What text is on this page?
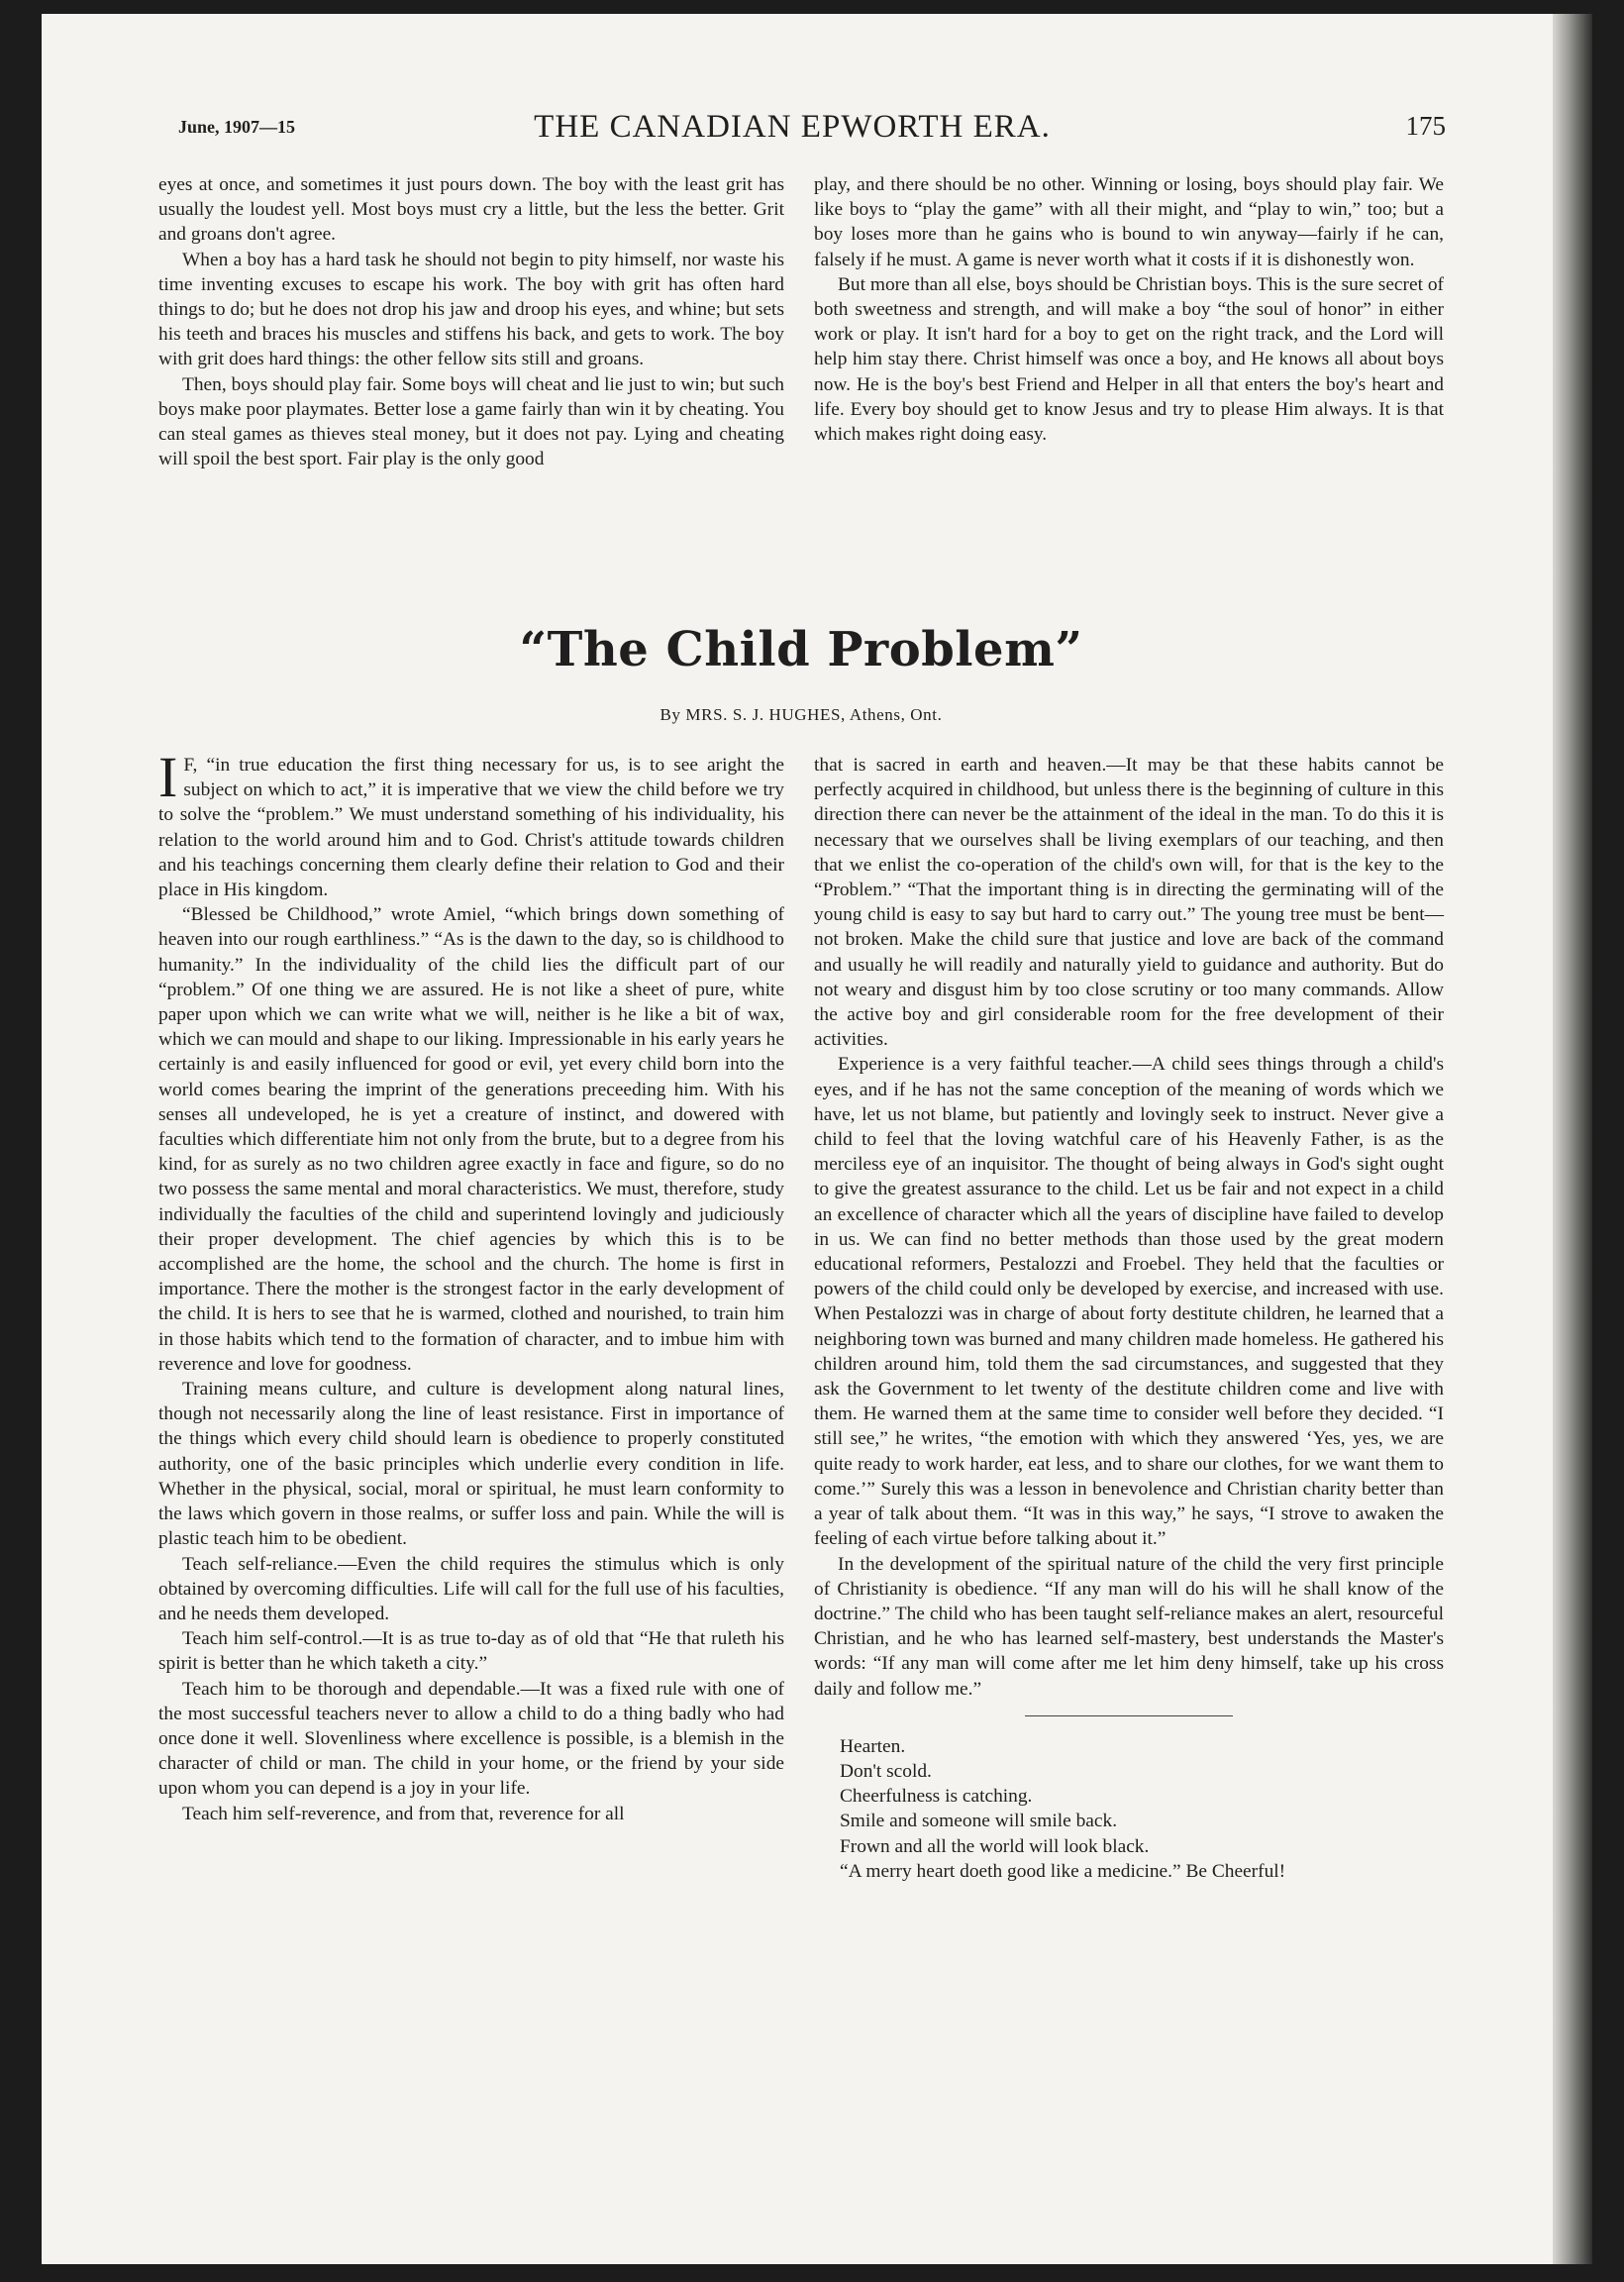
June, 1907—15	THE CANADIAN EPWORTH ERA.	175

eyes at once, and sometimes it just pours down. The boy with the least grit has usually the loudest yell. Most boys must cry a little, but the less the better. Grit and groans don't agree.

When a boy has a hard task he should not begin to pity himself, nor waste his time inventing excuses to escape his work. The boy with grit has often hard things to do; but he does not drop his jaw and droop his eyes, and whine; but sets his teeth and braces his muscles and stiffens his back, and gets to work. The boy with grit does hard things: the other fellow sits still and groans.

Then, boys should play fair. Some boys will cheat and lie just to win; but such boys make poor playmates. Better lose a game fairly than win it by cheating. You can steal games as thieves steal money, but it does not pay. Lying and cheating will spoil the best sport. Fair play is the only good

play, and there should be no other. Winning or losing, boys should play fair. We like boys to “play the game” with all their might, and “play to win,” too; but a boy loses more than he gains who is bound to win anyway—fairly if he can, falsely if he must. A game is never worth what it costs if it is dishonestly won.

But more than all else, boys should be Christian boys. This is the sure secret of both sweetness and strength, and will make a boy “the soul of honor” in either work or play. It isn't hard for a boy to get on the right track, and the Lord will help him stay there. Christ himself was once a boy, and He knows all about boys now. He is the boy's best Friend and Helper in all that enters the boy's heart and life. Every boy should get to know Jesus and try to please Him always. It is that which makes right doing easy.

“The Child Problem”
By MRS. S. J. HUGHES, Athens, Ont.

I F, “in true education the first thing necessary for us, is to see aright the subject on which to act,” it is imperative that we view the child before we try to solve the “problem.” We must understand something of his individuality, his relation to the world around him and to God. Christ's attitude towards children and his teachings concerning them clearly define their relation to God and their place in His kingdom.

“Blessed be Childhood,” wrote Amiel, “which brings down something of heaven into our rough earthliness.” “As is the dawn to the day, so is childhood to humanity.” In the individuality of the child lies the difficult part of our “problem.” Of one thing we are assured. He is not like a sheet of pure, white paper upon which we can write what we will, neither is he like a bit of wax, which we can mould and shape to our liking. Impressionable in his early years he certainly is and easily influenced for good or evil, yet every child born into the world comes bearing the imprint of the generations preceeding him. With his senses all undeveloped, he is yet a creature of instinct, and dowered with faculties which differentiate him not only from the brute, but to a degree from his kind, for as surely as no two children agree exactly in face and figure, so do no two possess the same mental and moral characteristics. We must, therefore, study individually the faculties of the child and superintend lovingly and judiciously their proper development. The chief agencies by which this is to be accomplished are the home, the school and the church. The home is first in importance. There the mother is the strongest factor in the early development of the child. It is hers to see that he is warmed, clothed and nourished, to train him in those habits which tend to the formation of character, and to imbue him with reverence and love for goodness.

Training means culture, and culture is development along natural lines, though not necessarily along the line of least resistance. First in importance of the things which every child should learn is obedience to properly constituted authority, one of the basic principles which underlie every condition in life. Whether in the physical, social, moral or spiritual, he must learn conformity to the laws which govern in those realms, or suffer loss and pain. While the will is plastic teach him to be obedient.

Teach self-reliance.—Even the child requires the stimulus which is only obtained by overcoming difficulties. Life will call for the full use of his faculties, and he needs them developed.

Teach him self-control.—It is as true to-day as of old that “He that ruleth his spirit is better than he which taketh a city.”

Teach him to be thorough and dependable.—It was a fixed rule with one of the most successful teachers never to allow a child to do a thing badly who had once done it well. Slovenliness where excellence is possible, is a blemish in the character of child or man. The child in your home, or the friend by your side upon whom you can depend is a joy in your life.

Teach him self-reverence, and from that, reverence for all

that is sacred in earth and heaven.—It may be that these habits cannot be perfectly acquired in childhood, but unless there is the beginning of culture in this direction there can never be the attainment of the ideal in the man. To do this it is necessary that we ourselves shall be living exemplars of our teaching, and then that we enlist the co-operation of the child's own will, for that is the key to the “Problem.” “That the important thing is in directing the germinating will of the young child is easy to say but hard to carry out.” The young tree must be bent—not broken. Make the child sure that justice and love are back of the command and usually he will readily and naturally yield to guidance and authority. But do not weary and disgust him by too close scrutiny or too many commands. Allow the active boy and girl considerable room for the free development of their activities.

Experience is a very faithful teacher.—A child sees things through a child's eyes, and if he has not the same conception of the meaning of words which we have, let us not blame, but patiently and lovingly seek to instruct. Never give a child to feel that the loving watchful care of his Heavenly Father, is as the merciless eye of an inquisitor. The thought of being always in God's sight ought to give the greatest assurance to the child. Let us be fair and not expect in a child an excellence of character which all the years of discipline have failed to develop in us. We can find no better methods than those used by the great modern educational reformers, Pestalozzi and Froebel. They held that the faculties or powers of the child could only be developed by exercise, and increased with use. When Pestalozzi was in charge of about forty destitute children, he learned that a neighboring town was burned and many children made homeless. He gathered his children around him, told them the sad circumstances, and suggested that they ask the Government to let twenty of the destitute children come and live with them. He warned them at the same time to consider well before they decided. “I still see,” he writes, “the emotion with which they answered ‘Yes, yes, we are quite ready to work harder, eat less, and to share our clothes, for we want them to come.’” Surely this was a lesson in benevolence and Christian charity better than a year of talk about them. “It was in this way,” he says, “I strove to awaken the feeling of each virtue before talking about it.”

In the development of the spiritual nature of the child the very first principle of Christianity is obedience. “If any man will do his will he shall know of the doctrine.” The child who has been taught self-reliance makes an alert, resourceful Christian, and he who has learned self-mastery, best understands the Master's words: “If any man will come after me let him deny himself, take up his cross daily and follow me.”

Hearten.
Don't scold.
Cheerfulness is catching.
Smile and someone will smile back.
Frown and all the world will look black.
“A merry heart doeth good like a medicine.” Be Cheerful!
